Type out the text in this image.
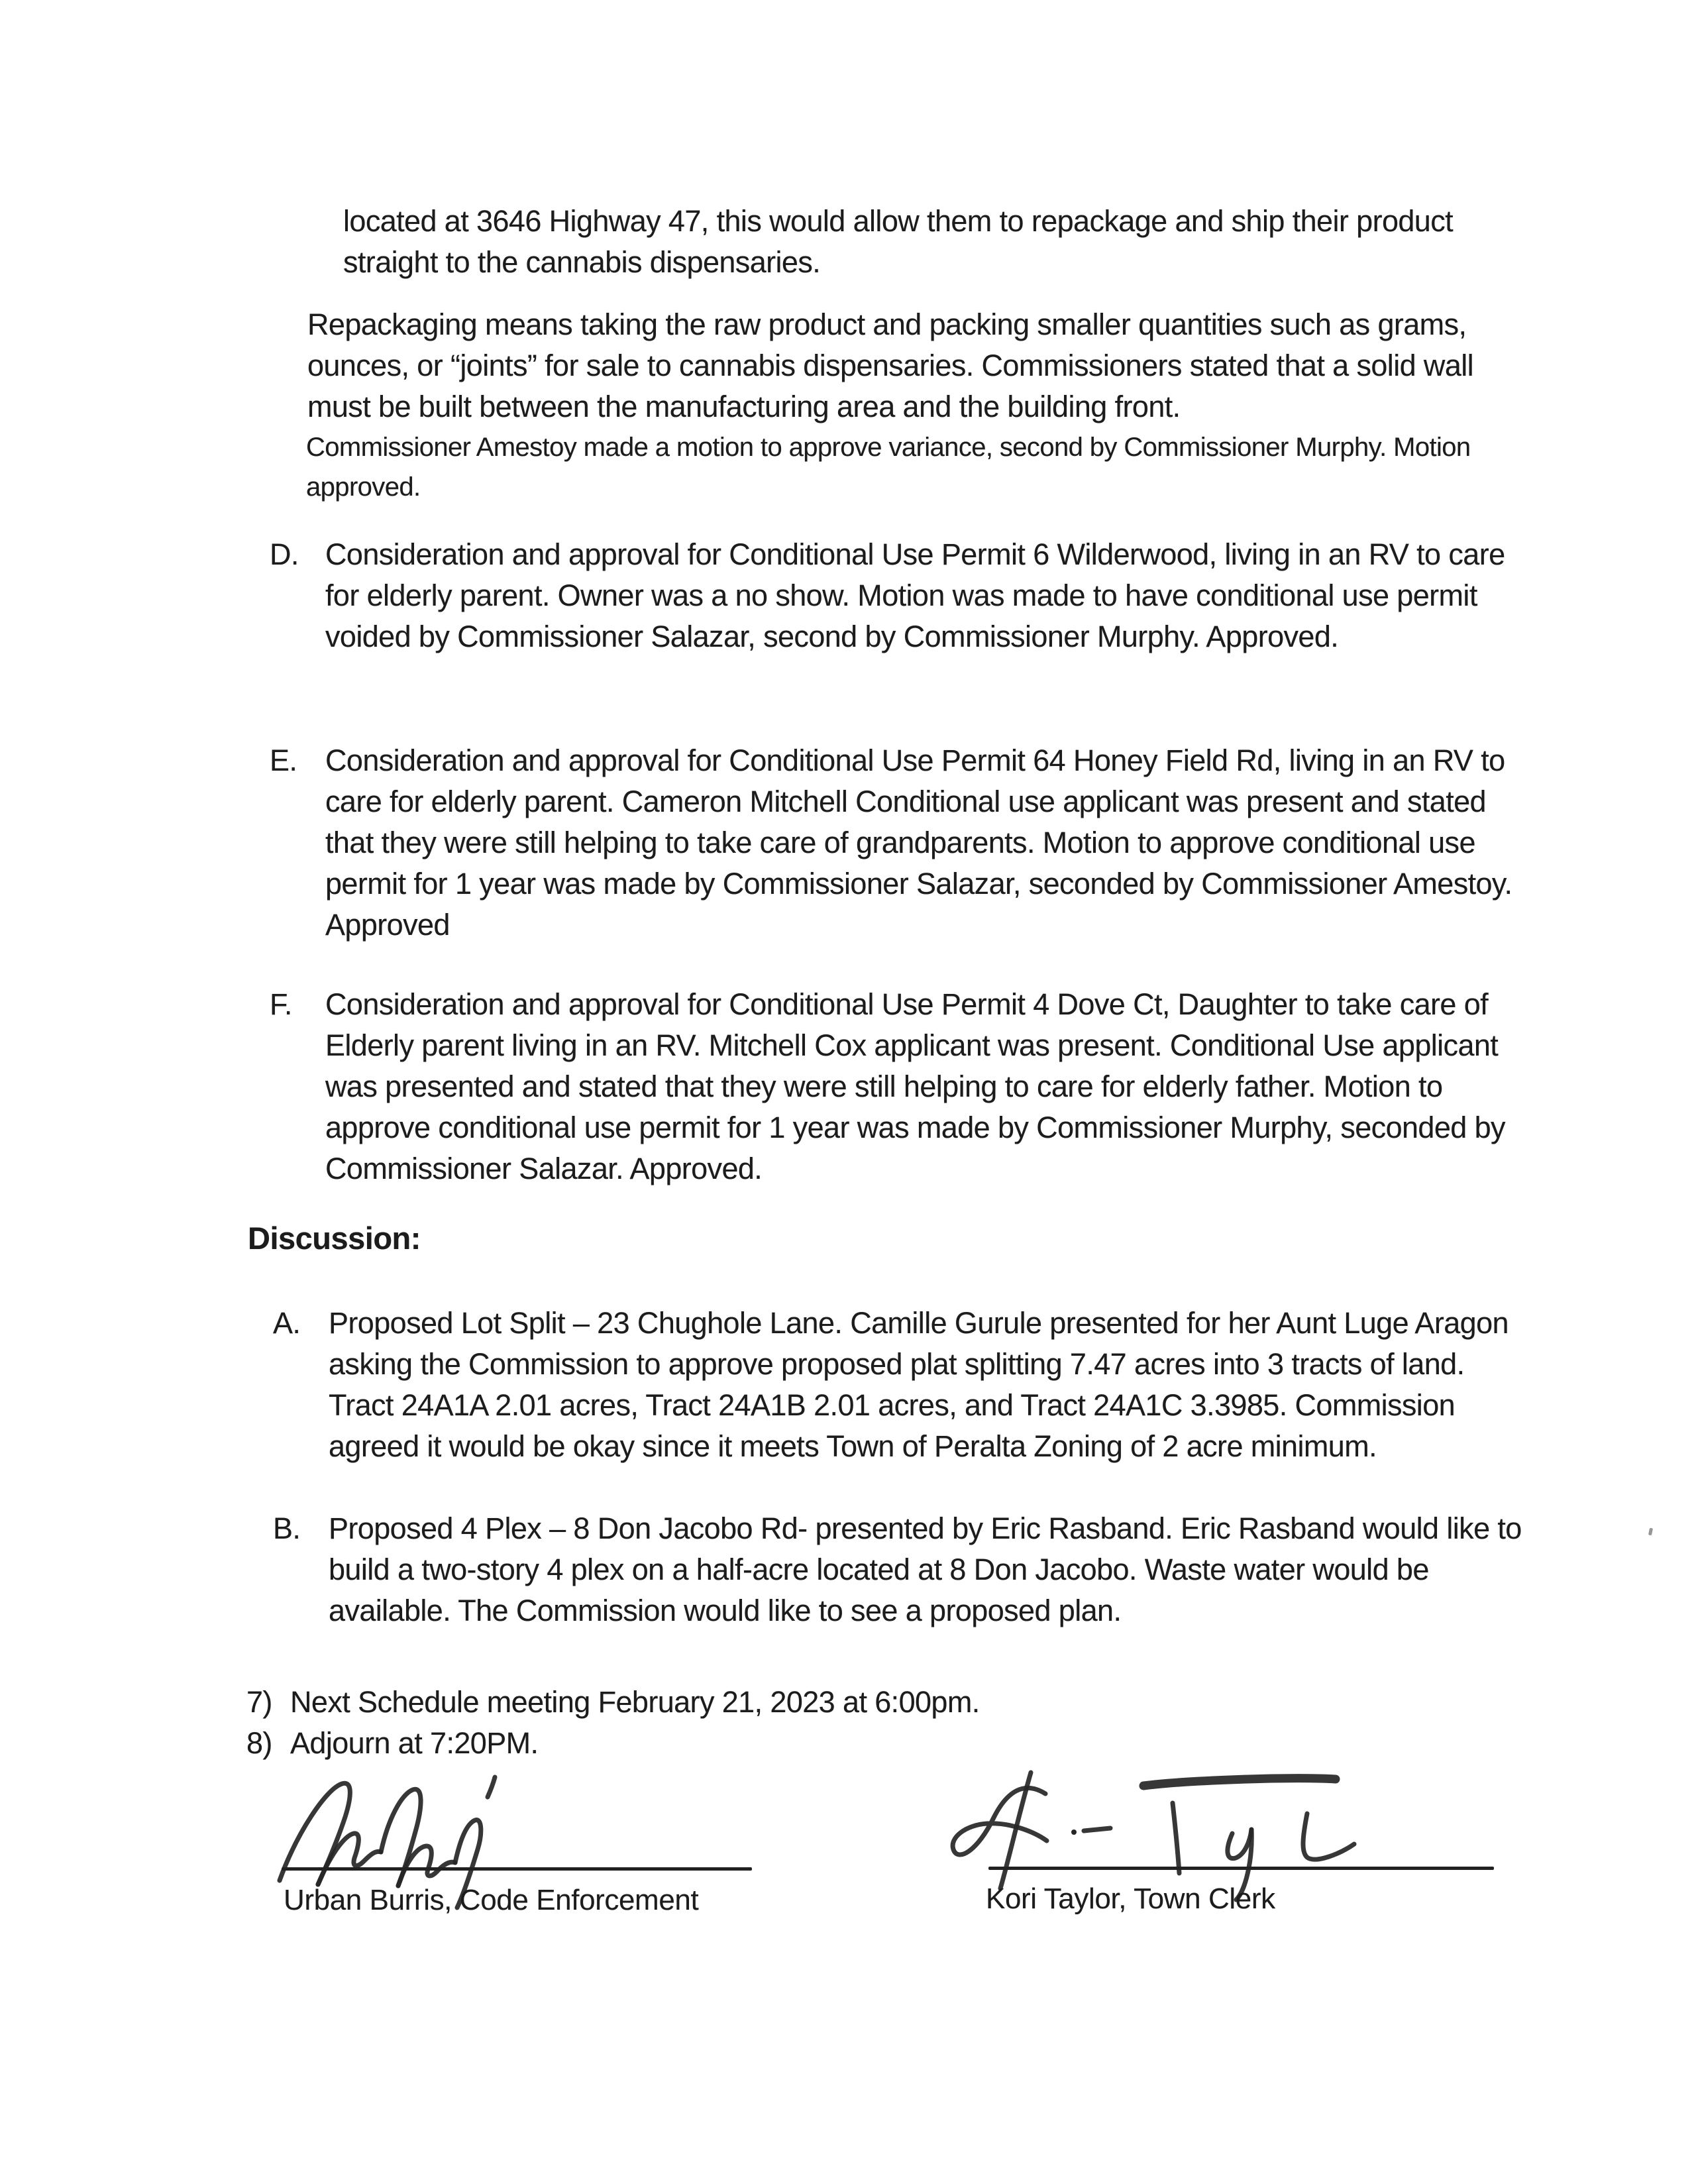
located at 3646 Highway 47, this would allow them to repackage and ship their product straight to the cannabis dispensaries.

Repackaging means taking the raw product and packing smaller quantities such as grams, ounces, or “joints” for sale to cannabis dispensaries. Commissioners stated that a solid wall must be built between the manufacturing area and the building front.

Commissioner Amestoy made a motion to approve variance, second by Commissioner Murphy. Motion approved.

D. Consideration and approval for Conditional Use Permit 6 Wilderwood, living in an RV to care for elderly parent. Owner was a no show. Motion was made to have conditional use permit voided by Commissioner Salazar, second by Commissioner Murphy. Approved.
E. Consideration and approval for Conditional Use Permit 64 Honey Field Rd, living in an RV to care for elderly parent. Cameron Mitchell Conditional use applicant was present and stated that they were still helping to take care of grandparents. Motion to approve conditional use permit for 1 year was made by Commissioner Salazar, seconded by Commissioner Amestoy. Approved
F.	Consideration and approval for Conditional Use Permit 4 Dove Ct, Daughter to take care of Elderly parent living in an RV. Mitchell Cox applicant was present. Conditional Use applicant was presented and stated that they were still helping to care for elderly father. Motion to approve conditional use permit for 1 year was made by Commissioner Murphy, seconded by Commissioner Salazar. Approved.
Discussion:
A. Proposed Lot Split – 23 Chughole Lane. Camille Gurule presented for her Aunt Luge Aragon asking the Commission to approve proposed plat splitting 7.47 acres into 3 tracts of land. Tract 24A1A 2.01 acres, Tract 24A1B 2.01 acres, and Tract 24A1C 3.3985. Commission agreed it would be okay since it meets Town of Peralta Zoning of 2 acre minimum.
B. Proposed 4 Plex – 8 Don Jacobo Rd- presented by Eric Rasband. Eric Rasband would like to build a two-story 4 plex on a half-acre located at 8 Don Jacobo. Waste water would be available. The Commission would like to see a proposed plan.
7) Next Schedule meeting February 21, 2023 at 6:00pm.
8) Adjourn at 7:20PM.
Urban Burris, Code Enforcement	Kori Taylor, Town Clerk
